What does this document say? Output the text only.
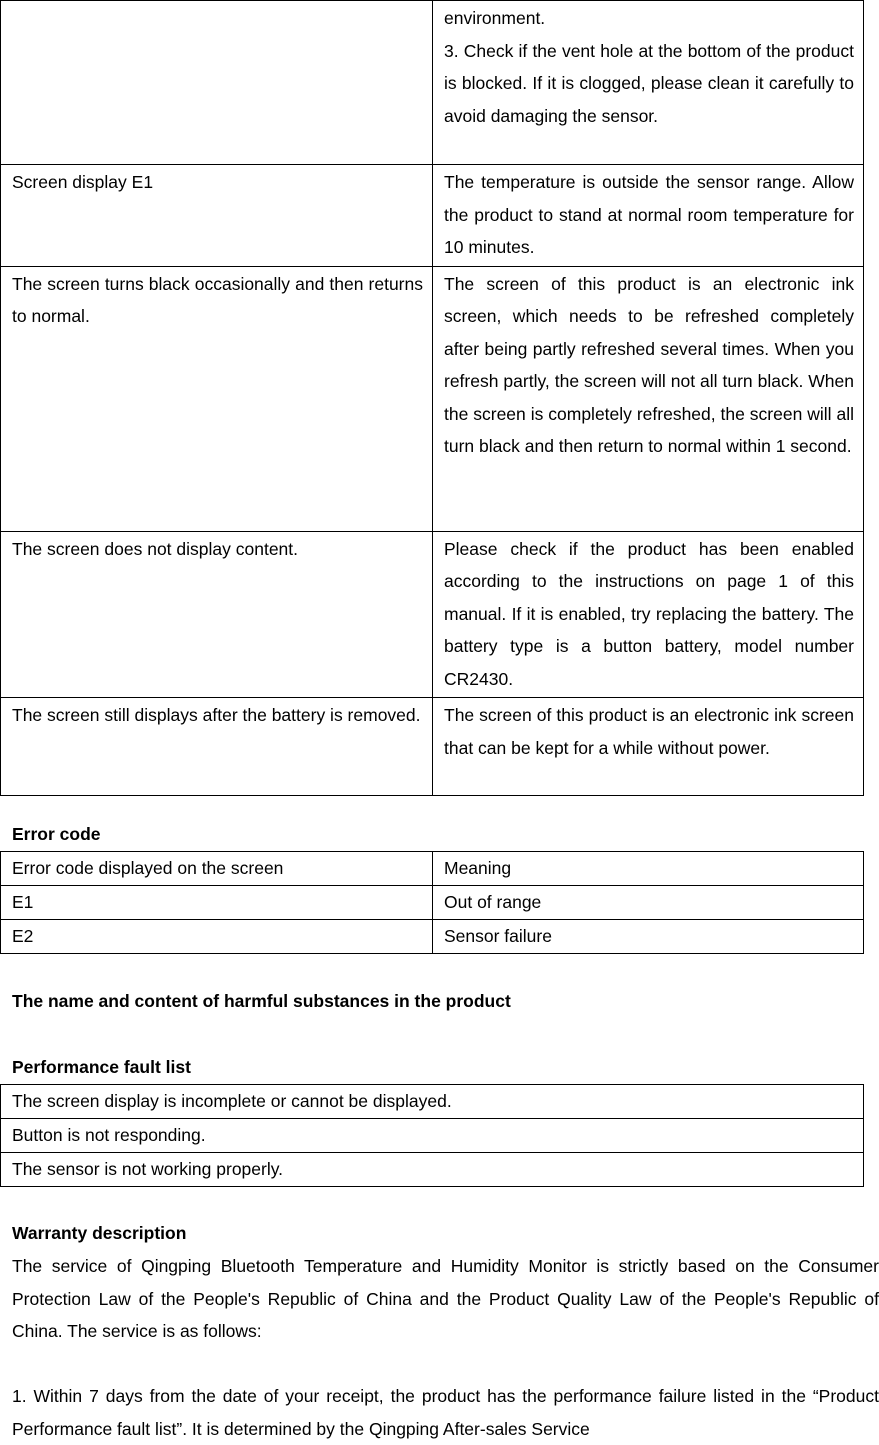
	environment.
3. Check if the vent hole at the bottom of the product is blocked. If it is clogged, please clean it carefully to avoid damaging the sensor.

Screen display E1	The temperature is outside the sensor range. Allow the product to stand at normal room temperature for 10 minutes.
The screen turns black occasionally and then returns to normal.	The screen of this product is an electronic ink screen, which needs to be refreshed completely after being partly refreshed several times. When you refresh partly, the screen will not all turn black. When the screen is completely refreshed, the screen will all turn black and then return to normal within 1 second.
The screen does not display content.	Please check if the product has been enabled according to the instructions on page 1 of this manual. If it is enabled, try replacing the battery. The battery type is a button battery, model number CR2430.
The screen still displays after the battery is removed.	The screen of this product is an electronic ink screen that can be kept for a while without power.
Error code
Error code displayed on the screen	Meaning
E1	Out of range
E2	Sensor failure
The name and content of harmful substances in the product
Performance fault list
The screen display is incomplete or cannot be displayed.
Button is not responding.
The sensor is not working properly.
Warranty description
The service of Qingping Bluetooth Temperature and Humidity Monitor is strictly based on the Consumer Protection Law of the People's Republic of China and the Product Quality Law of the People's Republic of China. The service is as follows:
1. Within 7 days from the date of your receipt, the product has the performance failure listed in the “Product Performance fault list”. It is determined by the Qingping After-sales Service
